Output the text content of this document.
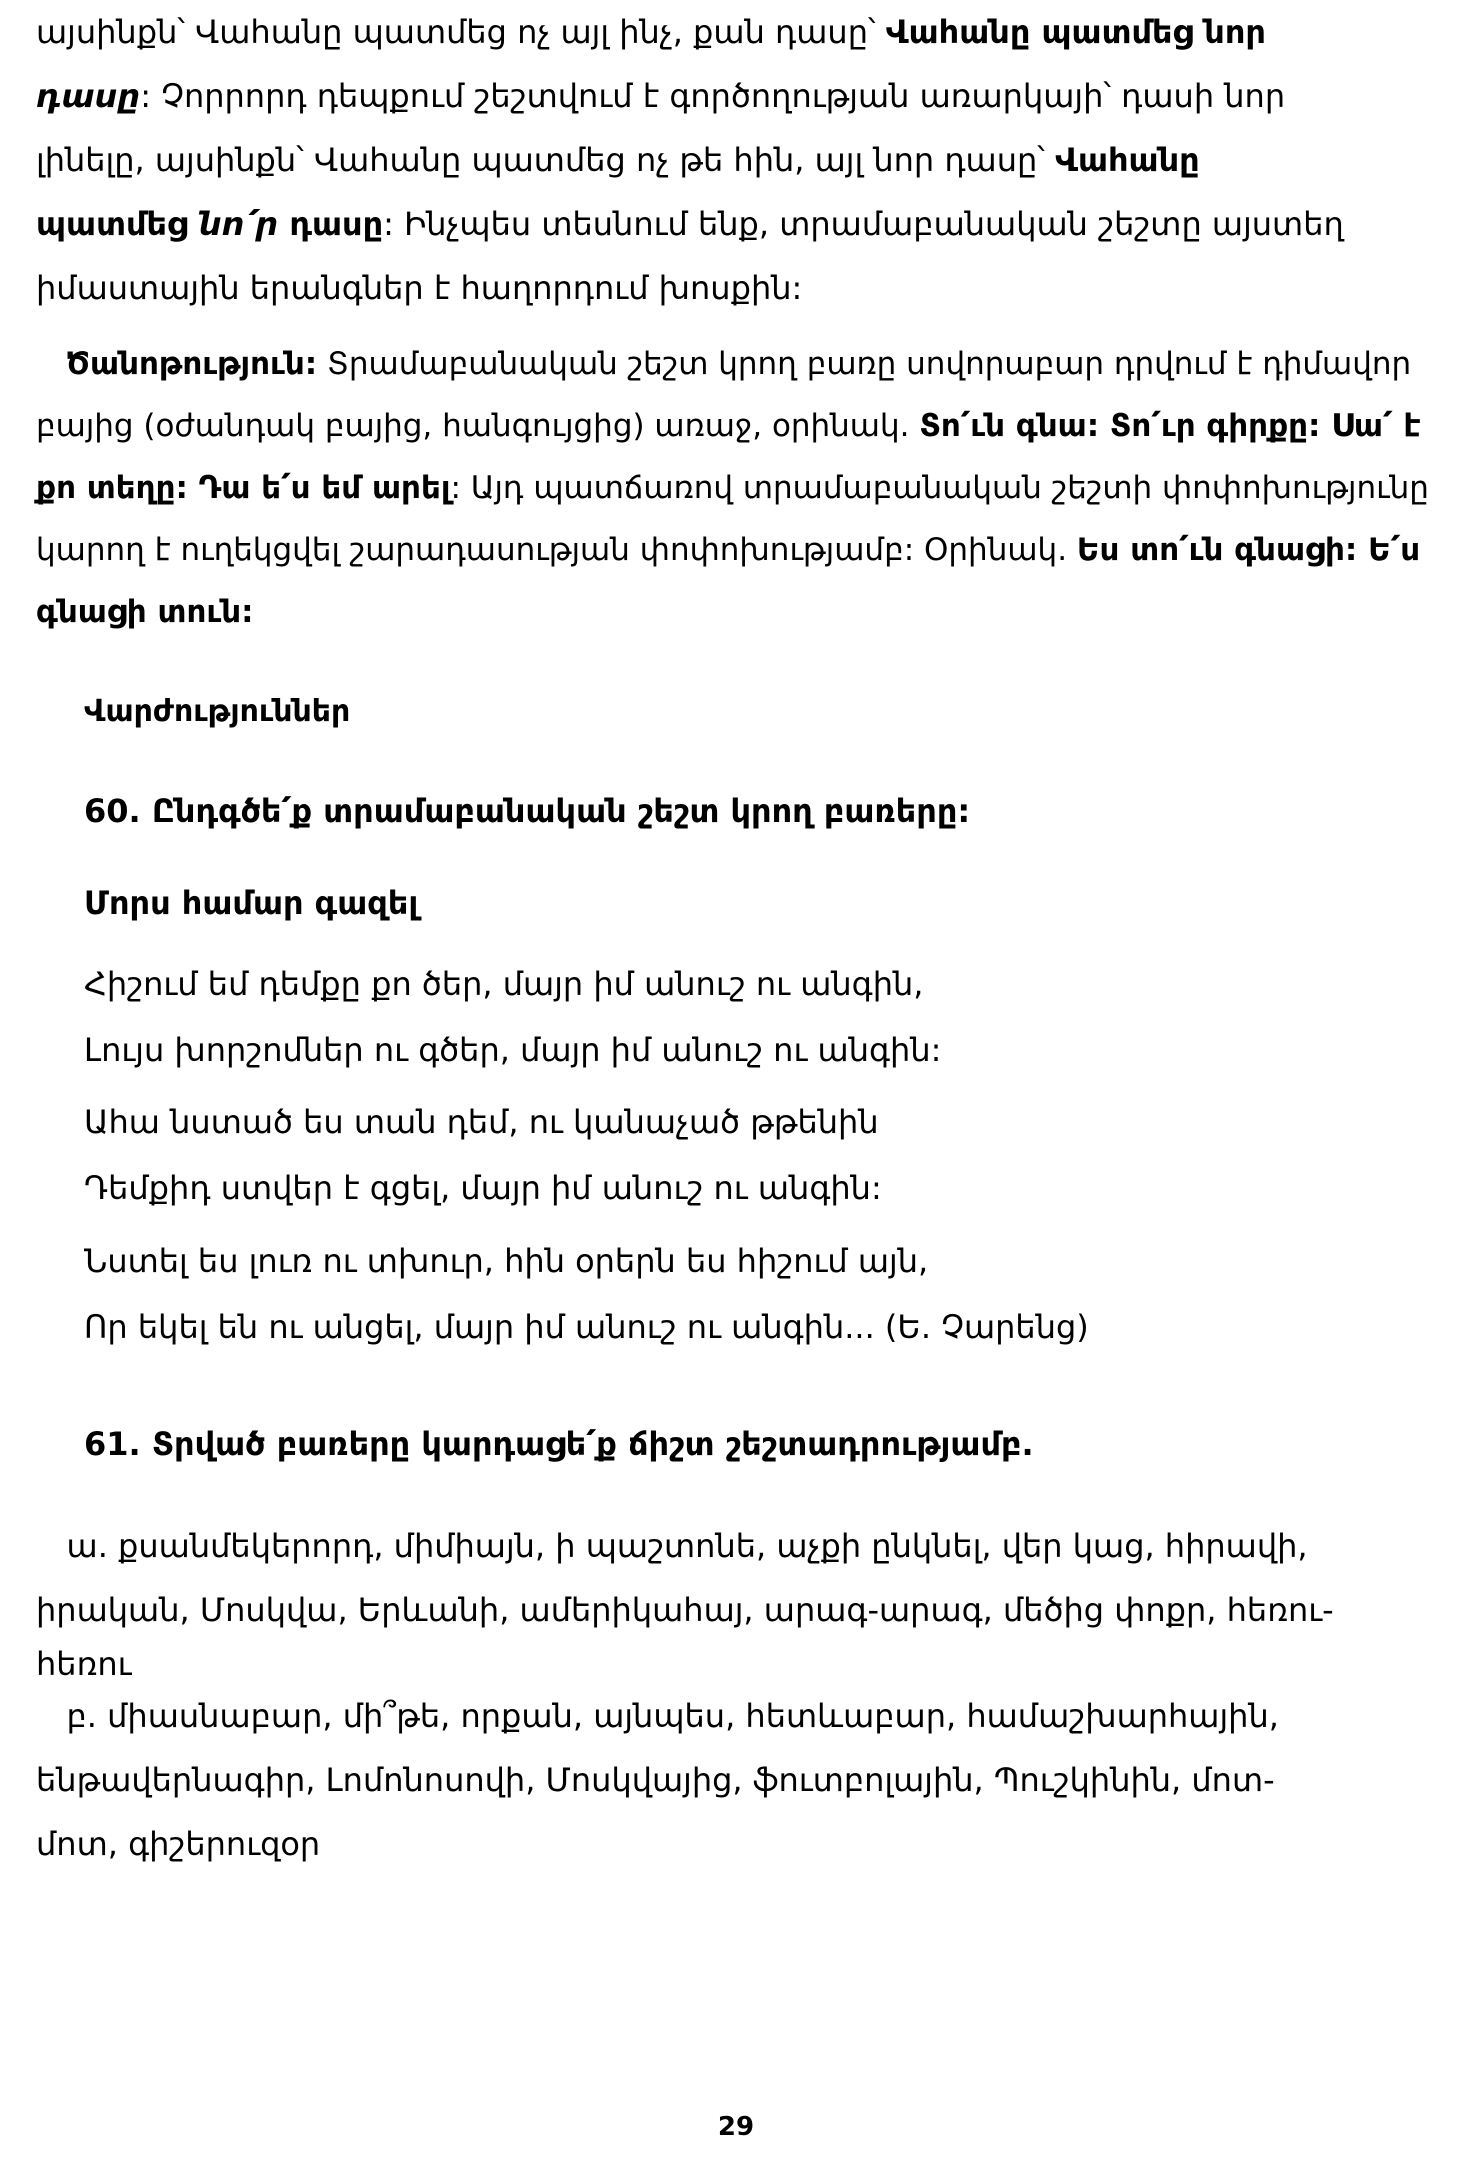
այսինքն՝ Վահանը պատմեց ոչ այլ ինչ, քան դասը՝ Վահանը պատմեց նոր
դասը: Չորրորդ դեպքում շեշտվում է գործողության առարկայի՝ դասի նոր
լինելը, այսինքն՝ Վահանը պատմեց ոչ թե հին, այլ նոր դասը՝ Վահանը
պատմեց նո՛ր դասը: Ինչպես տեսնում ենք, տրամաբանական շեշտը այստեղ
իմաստային երանգներ է հաղորդում խոսքին:
Ծանոթություն: Տրամաբանական շեշտ կրող բառը սովորաբար դրվում է դիմավոր
բայից (օժանդակ բայից, հանգույցից) առաջ, օրինակ. Տո՛ւն գնա: Տո՛ւր գիրքը: Սա՛ է
քո տեղը: Դա ե՛ս եմ արել: Այդ պատճառով տրամաբանական շեշտի փոփոխությունը
կարող է ուղեկցվել շարադասության փոփոխությամբ: Օրինակ. Ես տո՛ւն գնացի: Ե՛ս
գնացի տուն:
Վարժություններ
60. Ընդգծե՛ք տրամաբանական շեշտ կրող բառերը:
Մորս համար գազել
Հիշում եմ դեմքը քո ծեր, մայր իմ անուշ ու անգին,
Լույս խորշոմներ ու գծեր, մայր իմ անուշ ու անգին:
Ահա նստած ես տան դեմ, ու կանաչած թթենին
Դեմքիդ ստվեր է գցել, մայր իմ անուշ ու անգին:
Նստել ես լուռ ու տխուր, հին օրերն ես հիշում այն,
Որ եկել են ու անցել, մայր իմ անուշ ու անգին... (Ե. Չարենց)
61. Տրված բառերը կարդացե՛ք ճիշտ շեշտադրությամբ.
ա. քսանմեկերորդ, միմիայն, ի պաշտոնե, աչքի ընկնել, վեր կաց, հիրավի,
իրական, Մոսկվա, Երևանի, ամերիկահայ, արագ-արագ, մեծից փոքր, հեռու-
հեռու
բ. միասնաբար, մի՞թե, որքան, այնպես, հետևաբար, համաշխարհային,
ենթավերնագիր, Լոմոնոսովի, Մոսկվայից, ֆուտբոլային, Պուշկինին, մոտ-
մոտ, գիշերուզօր
29
